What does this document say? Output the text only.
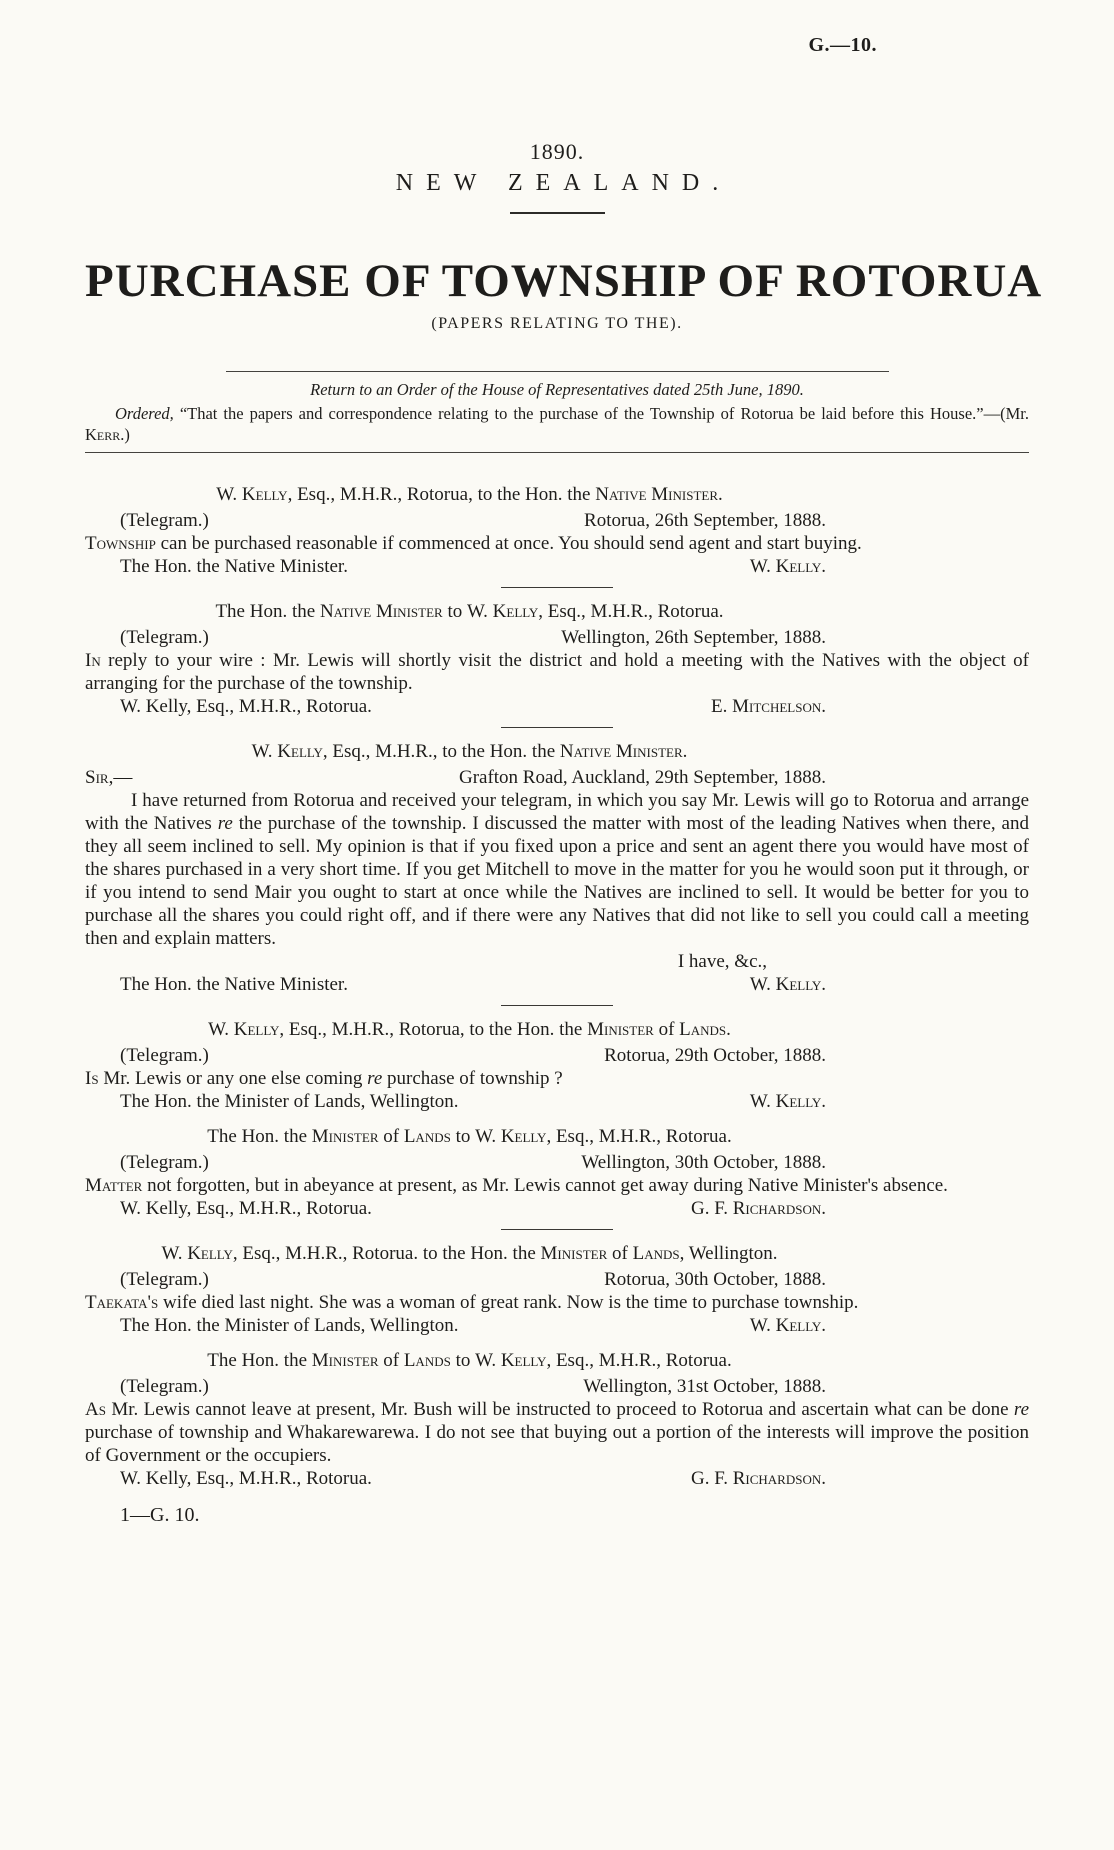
G.—10.
1890.
NEW ZEALAND.
PURCHASE OF TOWNSHIP OF ROTORUA
(PAPERS RELATING TO THE).
Return to an Order of the House of Representatives dated 25th June, 1890.

Ordered, “That the papers and correspondence relating to the purchase of the Township of Rotorua be laid before this House.”—(Mr. Kerr.)

W. Kelly, Esq., M.H.R., Rotorua, to the Hon. the Native Minister.
(Telegram.)	Rotorua, 26th September, 1888.

Township can be purchased reasonable if commenced at once. You should send agent and start buying.
W. Kelly.

The Hon. the Native Minister.
The Hon. the Native Minister to W. Kelly, Esq., M.H.R., Rotorua.
(Telegram.)	Wellington, 26th September, 1888.

In reply to your wire : Mr. Lewis will shortly visit the district and hold a meeting with the Natives with the object of arranging for the purchase of the township.

W. Kelly, Esq., M.H.R., Rotorua.	E. Mitchelson.
W. Kelly, Esq., M.H.R., to the Hon. the Native Minister.
Sir,—	Grafton Road, Auckland, 29th September, 1888.

I have returned from Rotorua and received your telegram, in which you say Mr. Lewis will go to Rotorua and arrange with the Natives re the purchase of the township. I discussed the matter with most of the leading Natives when there, and they all seem inclined to sell. My opinion is that if you fixed upon a price and sent an agent there you would have most of the shares purchased in a very short time. If you get Mitchell to move in the matter for you he would soon put it through, or if you intend to send Mair you ought to start at once while the Natives are inclined to sell. It would be better for you to purchase all the shares you could right off, and if there were any Natives that did not like to sell you could call a meeting then and explain matters.

I have, &c.,
The Hon. the Native Minister.	W. Kelly.
W. Kelly, Esq., M.H.R., Rotorua, to the Hon. the Minister of Lands.
(Telegram.)	Rotorua, 29th October, 1888.

Is Mr. Lewis or any one else coming re purchase of township ?

The Hon. the Minister of Lands, Wellington.	W. Kelly.
The Hon. the Minister of Lands to W. Kelly, Esq., M.H.R., Rotorua.
(Telegram.)	Wellington, 30th October, 1888.

Matter not forgotten, but in abeyance at present, as Mr. Lewis cannot get away during Native Minister's absence.

W. Kelly, Esq., M.H.R., Rotorua.	G. F. Richardson.
W. Kelly, Esq., M.H.R., Rotorua. to the Hon. the Minister of Lands, Wellington.
(Telegram.)	Rotorua, 30th October, 1888.

Taekata's wife died last night. She was a woman of great rank. Now is the time to purchase township.

The Hon. the Minister of Lands, Wellington.	W. Kelly.
The Hon. the Minister of Lands to W. Kelly, Esq., M.H.R., Rotorua.
(Telegram.)	Wellington, 31st October, 1888.

As Mr. Lewis cannot leave at present, Mr. Bush will be instructed to proceed to Rotorua and ascertain what can be done re purchase of township and Whakarewarewa. I do not see that buying out a portion of the interests will improve the position of Government or the occupiers.

W. Kelly, Esq., M.H.R., Rotorua.	G. F. Richardson.
1—G. 10.
